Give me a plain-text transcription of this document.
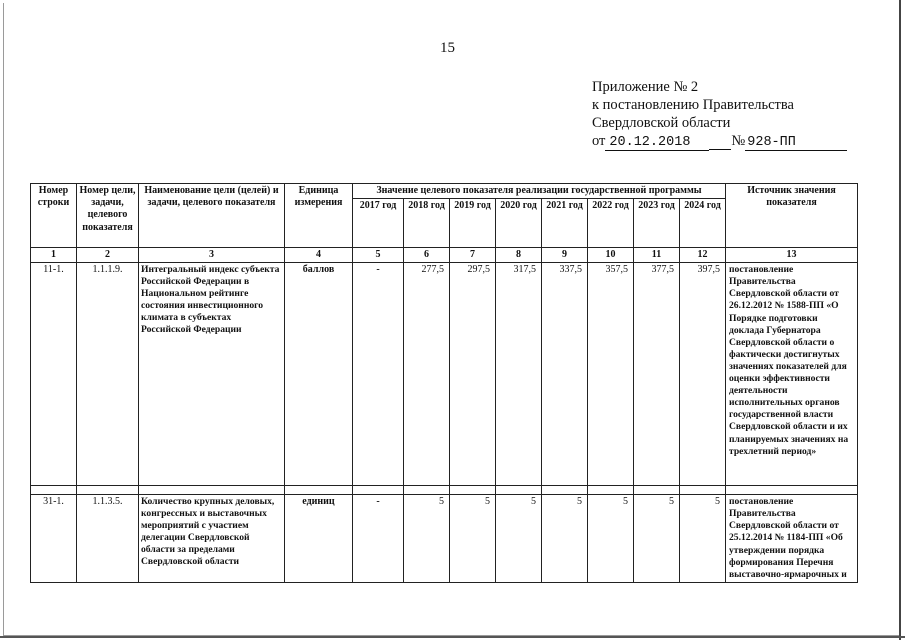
15
Приложение № 2
к постановлению Правительства
Свердловской области
от 20.12.2018
	№ 928-ПП
Номер строки	Номер цели, задачи, целевого показателя	Наименование цели (целей) и задачи, целевого показателя	Единица измерения	Значение целевого показателя реализации государственной программы								Источник значения показателя
				2017 год	2018 год	2019 год	2020 год	2021 год	2022 год	2023 год	2024 год	
1	2	3	4	5	6	7	8	9	10	11	12	13
11-1.	1.1.1.9.	Интегральный индекс субъекта Российской Федерации в Национальном рейтинге состояния инвестиционного климата в субъектах Российской Федерации	баллов	-	277,5	297,5	317,5	337,5	357,5	377,5	397,5	постановление Правительства Свердловской области от 26.12.2012 № 1588-ПП «О Порядке подготовки доклада Губернатора Свердловской области о фактически достигнутых значениях показателей для оценки эффективности деятельности исполнительных органов государственной власти Свердловской области и их планируемых значениях на трехлетний период»

31-1.	1.1.3.5.	Количество крупных деловых, конгрессных и выставочных мероприятий с участием делегации Свердловской области за пределами Свердловской области	единиц	-	5	5	5	5	5	5	5	постановление Правительства Свердловской области от 25.12.2014 № 1184-ПП «Об утверждении порядка формирования Перечня выставочно-ярмарочных и
